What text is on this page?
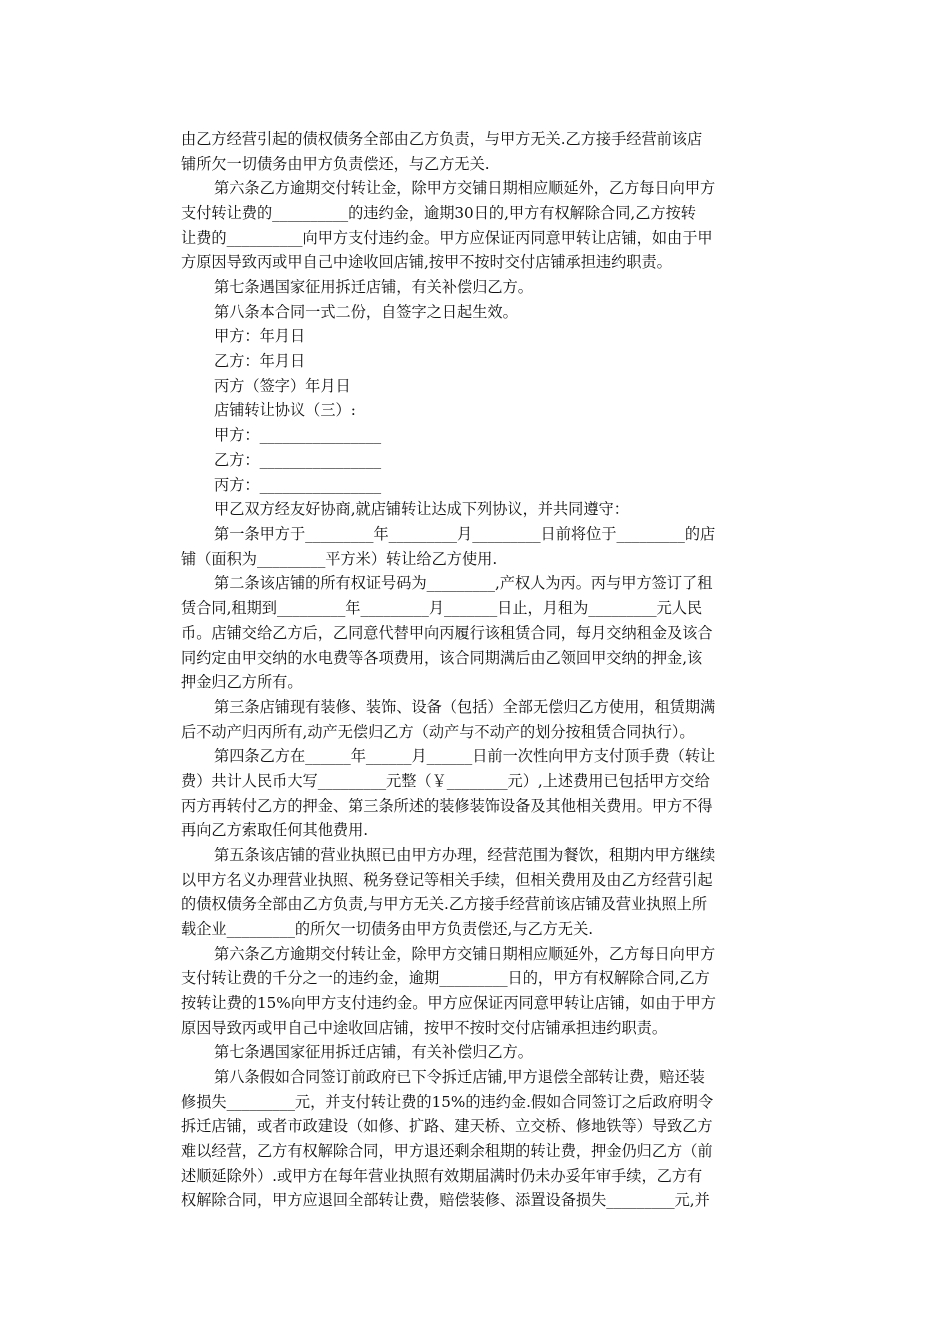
由乙方经营引起的债权债务全部由乙方负责，与甲方无关.乙方接手经营前该店
铺所欠一切债务由甲方负责偿还，与乙方无关.
第六条乙方逾期交付转让金，除甲方交铺日期相应顺延外，乙方每日向甲方
支付转让费的__________的违约金，逾期30日的,甲方有权解除合同,乙方按转
让费的__________向甲方支付违约金。甲方应保证丙同意甲转让店铺，如由于甲
方原因导致丙或甲自己中途收回店铺,按甲不按时交付店铺承担违约职责。
第七条遇国家征用拆迁店铺，有关补偿归乙方。
第八条本合同一式二份，自签字之日起生效。
甲方：年月日
乙方：年月日
丙方（签字）年月日
店铺转让协议（三）:
甲方：________________
乙方：________________
丙方：________________
甲乙双方经友好协商,就店铺转让达成下列协议，并共同遵守：
第一条甲方于_________年_________月_________日前将位于_________的店
铺（面积为_________平方米）转让给乙方使用.
第二条该店铺的所有权证号码为_________,产权人为丙。丙与甲方签订了租
赁合同,租期到_________年_________月_______日止，月租为_________元人民
币。店铺交给乙方后，乙同意代替甲向丙履行该租赁合同，每月交纳租金及该合
同约定由甲交纳的水电费等各项费用，该合同期满后由乙领回甲交纳的押金,该
押金归乙方所有。
第三条店铺现有装修、装饰、设备（包括）全部无偿归乙方使用，租赁期满
后不动产归丙所有,动产无偿归乙方（动产与不动产的划分按租赁合同执行）。
第四条乙方在______年______月______日前一次性向甲方支付顶手费（转让
费）共计人民币大写_________元整（￥________元）,上述费用已包括甲方交给
丙方再转付乙方的押金、第三条所述的装修装饰设备及其他相关费用。甲方不得
再向乙方索取任何其他费用.
第五条该店铺的营业执照已由甲方办理，经营范围为餐饮，租期内甲方继续
以甲方名义办理营业执照、税务登记等相关手续，但相关费用及由乙方经营引起
的债权债务全部由乙方负责,与甲方无关.乙方接手经营前该店铺及营业执照上所
载企业_________的所欠一切债务由甲方负责偿还,与乙方无关.
第六条乙方逾期交付转让金，除甲方交铺日期相应顺延外，乙方每日向甲方
支付转让费的千分之一的违约金，逾期_________日的，甲方有权解除合同,乙方
按转让费的15%向甲方支付违约金。甲方应保证丙同意甲转让店铺，如由于甲方
原因导致丙或甲自己中途收回店铺，按甲不按时交付店铺承担违约职责。
第七条遇国家征用拆迁店铺，有关补偿归乙方。
第八条假如合同签订前政府已下令拆迁店铺,甲方退偿全部转让费，赔还装
修损失_________元，并支付转让费的15%的违约金.假如合同签订之后政府明令
拆迁店铺，或者市政建设（如修、扩路、建天桥、立交桥、修地铁等）导致乙方
难以经营，乙方有权解除合同，甲方退还剩余租期的转让费，押金仍归乙方（前
述顺延除外）.或甲方在每年营业执照有效期届满时仍未办妥年审手续，乙方有
权解除合同，甲方应退回全部转让费，赔偿装修、添置设备损失_________元,并
